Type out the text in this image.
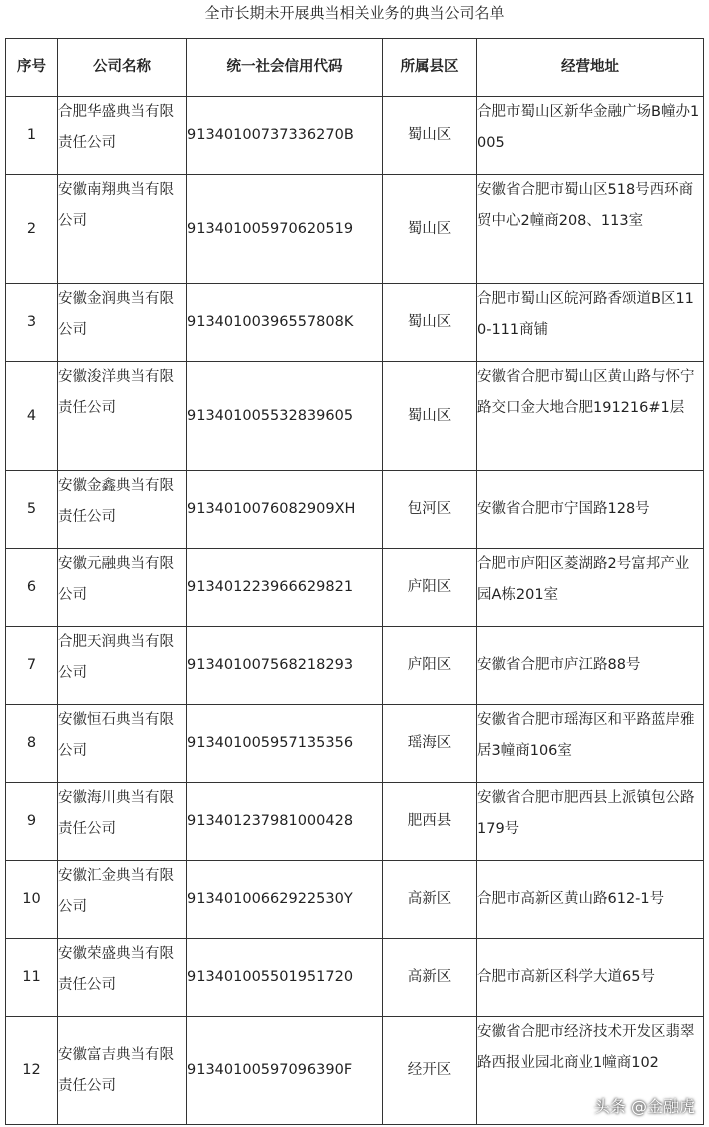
全市长期未开展典当相关业务的典当公司名单
序号	公司名称	统一社会信用代码	所属县区	经营地址
1	合肥华盛典当有限责任公司	91340100737336270B	蜀山区	合肥市蜀山区新华金融广场B幢办1005
2	安徽南翔典当有限公司	913401005970620519	蜀山区	安徽省合肥市蜀山区518号西环商贸中心2幢商208、113室
3	安徽金润典当有限公司	91340100396557808K	蜀山区	合肥市蜀山区皖河路香颂道B区110-111商铺
4	安徽浚洋典当有限责任公司	913401005532839605	蜀山区	安徽省合肥市蜀山区黄山路与怀宁路交口金大地合肥191216#1层
5	安徽金鑫典当有限责任公司	9134010076082909XH	包河区	安徽省合肥市宁国路128号
6	安徽元融典当有限公司	913401223966629821	庐阳区	合肥市庐阳区菱湖路2号富邦产业园A栋201室
7	合肥天润典当有限公司	913401007568218293	庐阳区	安徽省合肥市庐江路88号
8	安徽恒石典当有限公司	913401005957135356	瑶海区	安徽省合肥市瑶海区和平路蓝岸雅居3幢商106室
9	安徽海川典当有限责任公司	913401237981000428	肥西县	安徽省合肥市肥西县上派镇包公路179号
10	安徽汇金典当有限公司	91340100662922530Y	高新区	合肥市高新区黄山路612-1号
11	安徽荣盛典当有限责任公司	913401005501951720	高新区	合肥市高新区科学大道65号
12	安徽富吉典当有限责任公司	91340100597096390F	经开区	安徽省合肥市经济技术开发区翡翠路西报业园北商业1幢商102
头条 @金融虎
